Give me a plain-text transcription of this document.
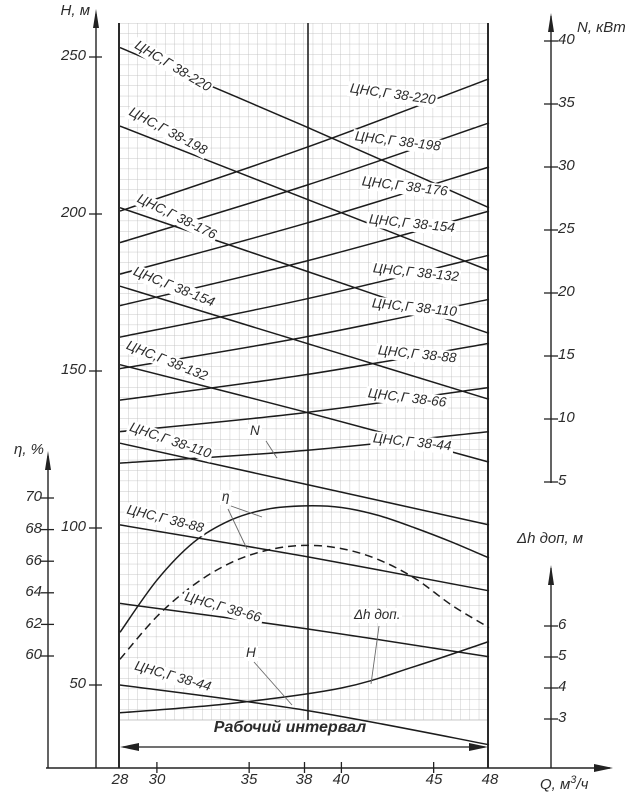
H, м
η, %
N, кВт
Δh доп, м
Q, $м^3/ч$
250
200
150
100
50
70
68
66
64
62
60
40
35
30
25
20
15
10
5
6
5
4
3
28	30	35	38	40	45	48
ЦНС,Г 38-220
ЦНС,Г 38-198
ЦНС,Г 38-176
ЦНС,Г 38-154
ЦНС,Г 38-132
ЦНС,Г 38-110
ЦНС,Г 38-88
ЦНС,Г 38-66
ЦНС,Г 38-44
ЦНС,Г 38-220
ЦНС,Г 38-198
ЦНС,Г 38-176
ЦНС,Г 38-154
ЦНС,Г 38-132
ЦНС,Г 38-110
ЦНС,Г 38-88
ЦНС,Г 38-66
ЦНС,Г 38-44
N
η
H
Δh доп.
Рабочий интервал
